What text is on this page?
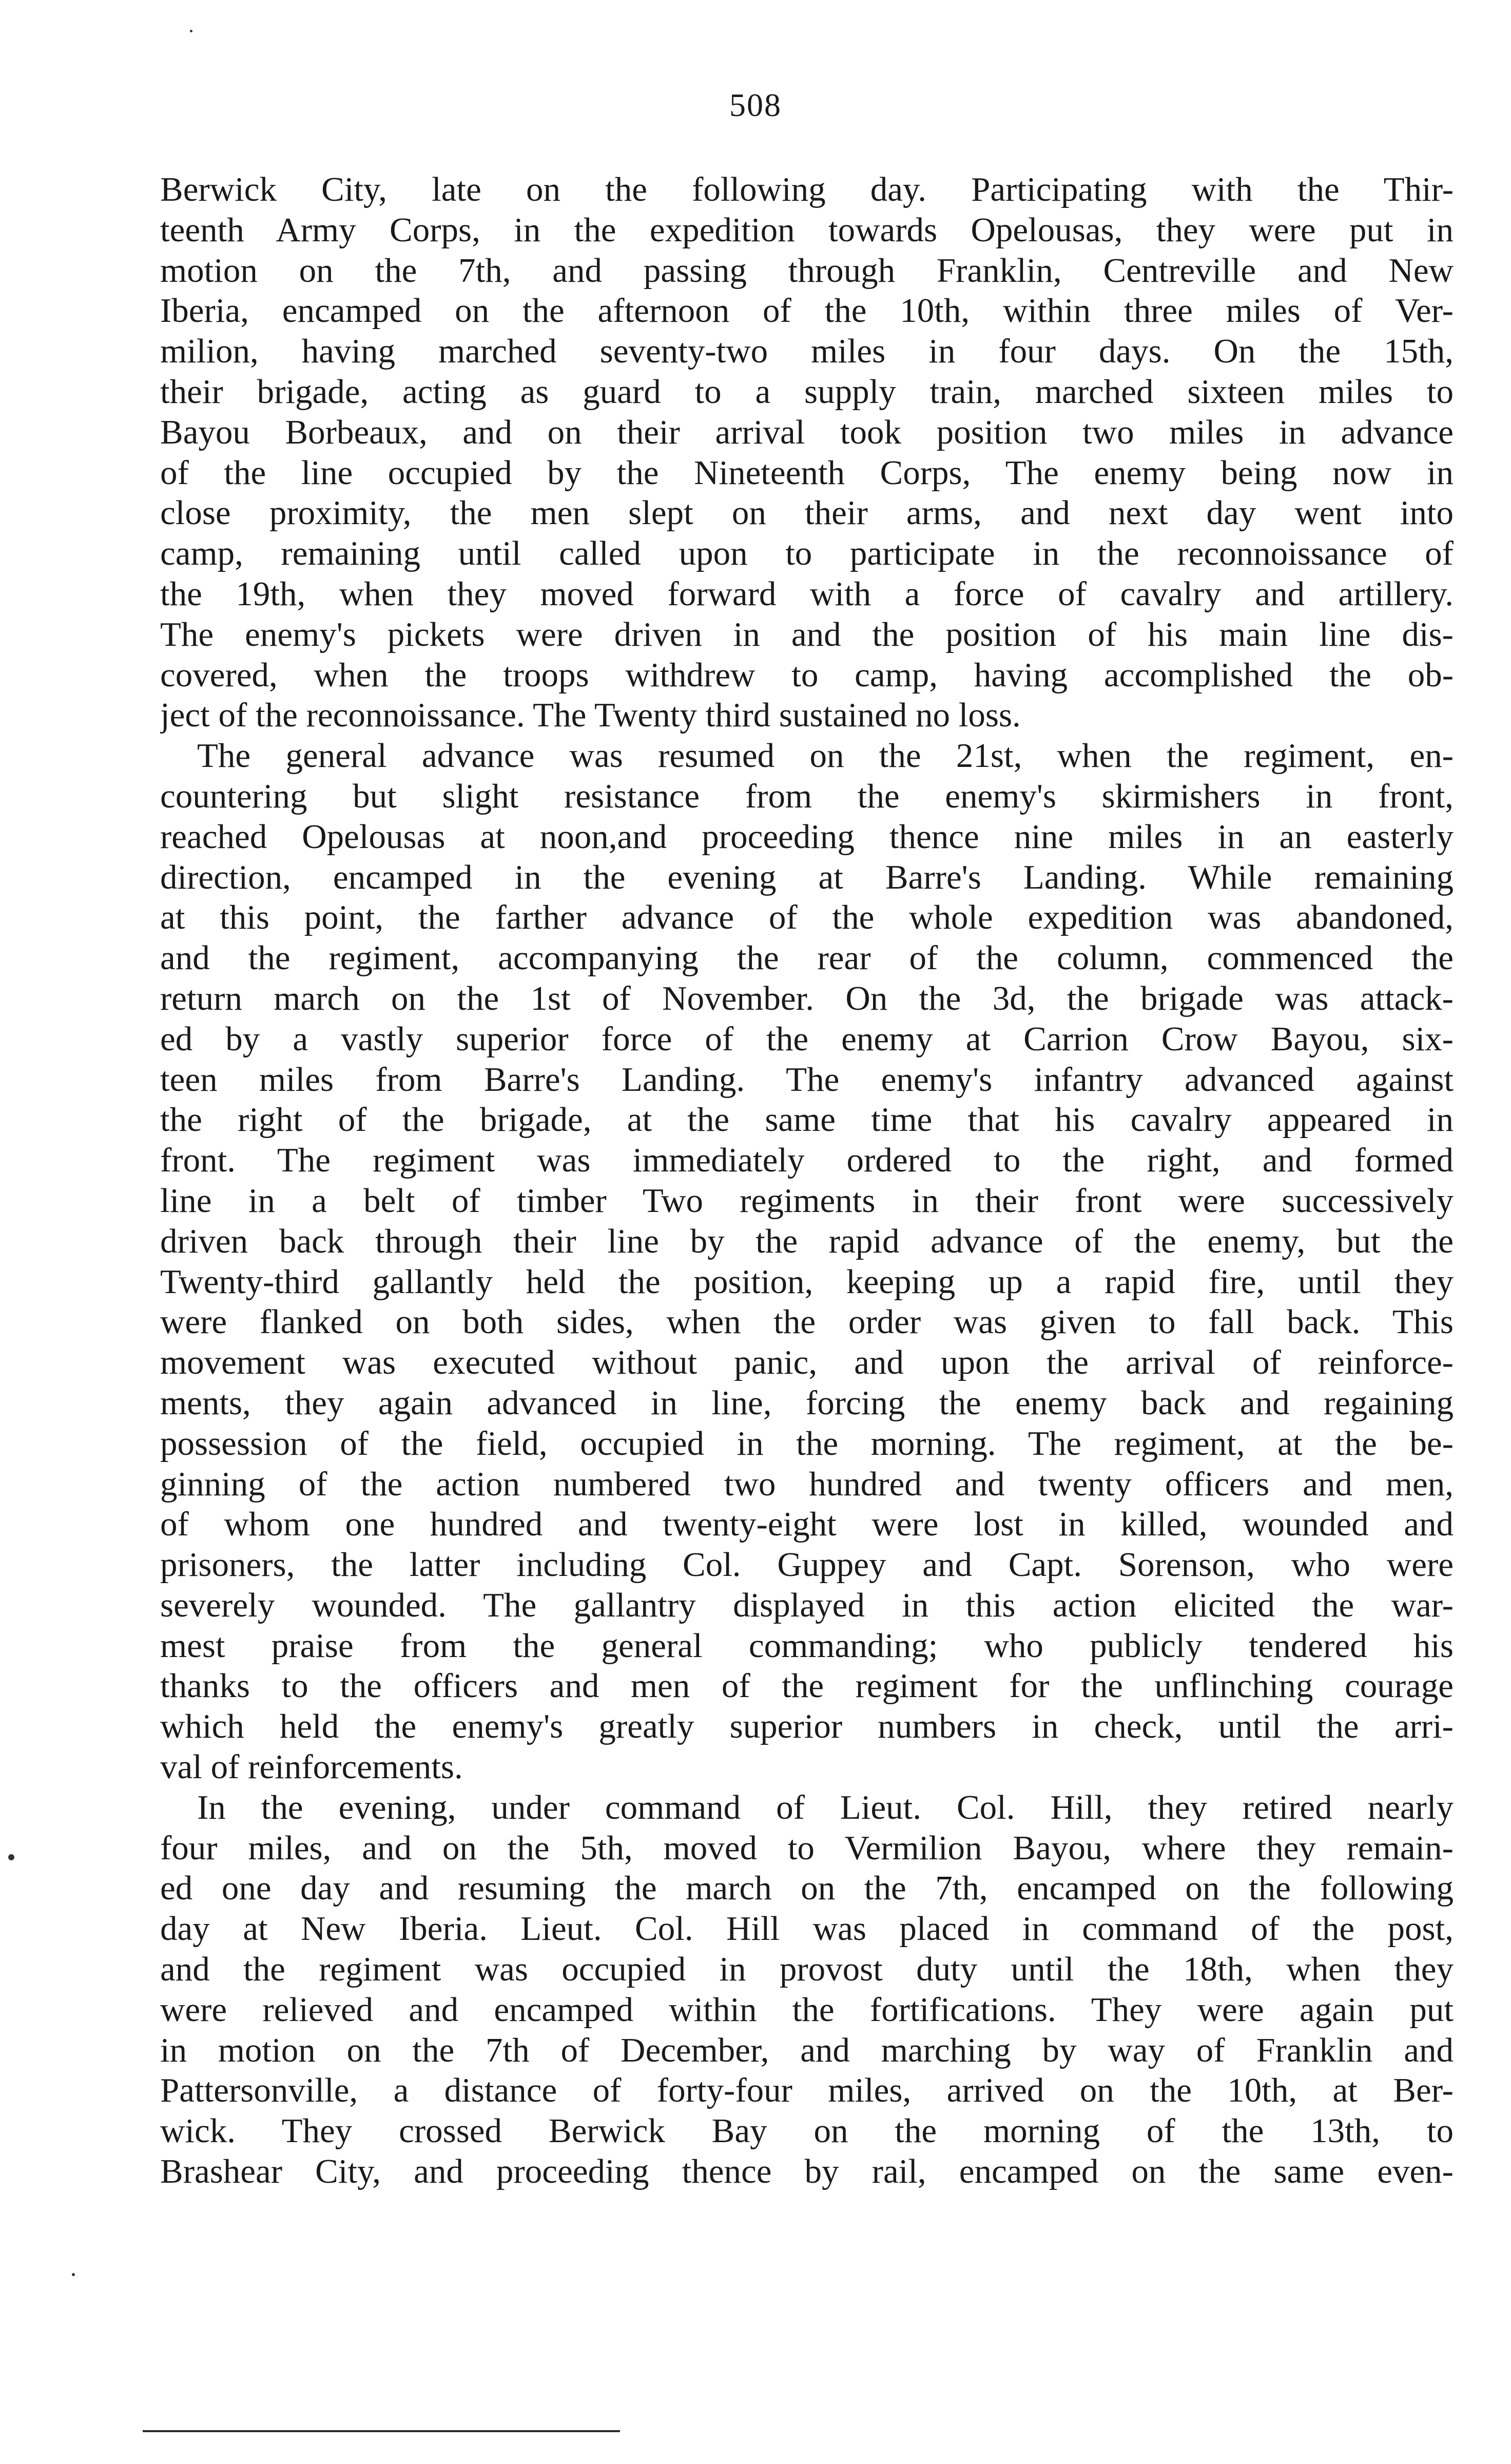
508
Berwick City, late on the following day. Participating with the Thir-
teenth Army Corps, in the expedition towards Opelousas, they were put in
motion on the 7th, and passing through Franklin, Centreville and New
Iberia, encamped on the afternoon of the 10th, within three miles of Ver-
milion, having marched seventy-two miles in four days. On the 15th,
their brigade, acting as guard to a supply train, marched sixteen miles to
Bayou Borbeaux, and on their arrival took position two miles in advance
of the line occupied by the Nineteenth Corps, The enemy being now in
close proximity, the men slept on their arms, and next day went into
camp, remaining until called upon to participate in the reconnoissance of
the 19th, when they moved forward with a force of cavalry and artillery.
The enemy's pickets were driven in and the position of his main line dis-
covered, when the troops withdrew to camp, having accomplished the ob-
ject of the reconnoissance. The Twenty third sustained no loss.
The general advance was resumed on the 21st, when the regiment, en-
countering but slight resistance from the enemy's skirmishers in front,
reached Opelousas at noon,and proceeding thence nine miles in an easterly
direction, encamped in the evening at Barre's Landing. While remaining
at this point, the farther advance of the whole expedition was abandoned,
and the regiment, accompanying the rear of the column, commenced the
return march on the 1st of November. On the 3d, the brigade was attack-
ed by a vastly superior force of the enemy at Carrion Crow Bayou, six-
teen miles from Barre's Landing. The enemy's infantry advanced against
the right of the brigade, at the same time that his cavalry appeared in
front. The regiment was immediately ordered to the right, and formed
line in a belt of timber Two regiments in their front were successively
driven back through their line by the rapid advance of the enemy, but the
Twenty-third gallantly held the position, keeping up a rapid fire, until they
were flanked on both sides, when the order was given to fall back. This
movement was executed without panic, and upon the arrival of reinforce-
ments, they again advanced in line, forcing the enemy back and regaining
possession of the field, occupied in the morning. The regiment, at the be-
ginning of the action numbered two hundred and twenty officers and men,
of whom one hundred and twenty-eight were lost in killed, wounded and
prisoners, the latter including Col. Guppey and Capt. Sorenson, who were
severely wounded. The gallantry displayed in this action elicited the war-
mest praise from the general commanding; who publicly tendered his
thanks to the officers and men of the regiment for the unflinching courage
which held the enemy's greatly superior numbers in check, until the arri-
val of reinforcements.
In the evening, under command of Lieut. Col. Hill, they retired nearly
four miles, and on the 5th, moved to Vermilion Bayou, where they remain-
ed one day and resuming the march on the 7th, encamped on the following
day at New Iberia. Lieut. Col. Hill was placed in command of the post,
and the regiment was occupied in provost duty until the 18th, when they
were relieved and encamped within the fortifications. They were again put
in motion on the 7th of December, and marching by way of Franklin and
Pattersonville, a distance of forty-four miles, arrived on the 10th, at Ber-
wick. They crossed Berwick Bay on the morning of the 13th, to
Brashear City, and proceeding thence by rail, encamped on the same even-
